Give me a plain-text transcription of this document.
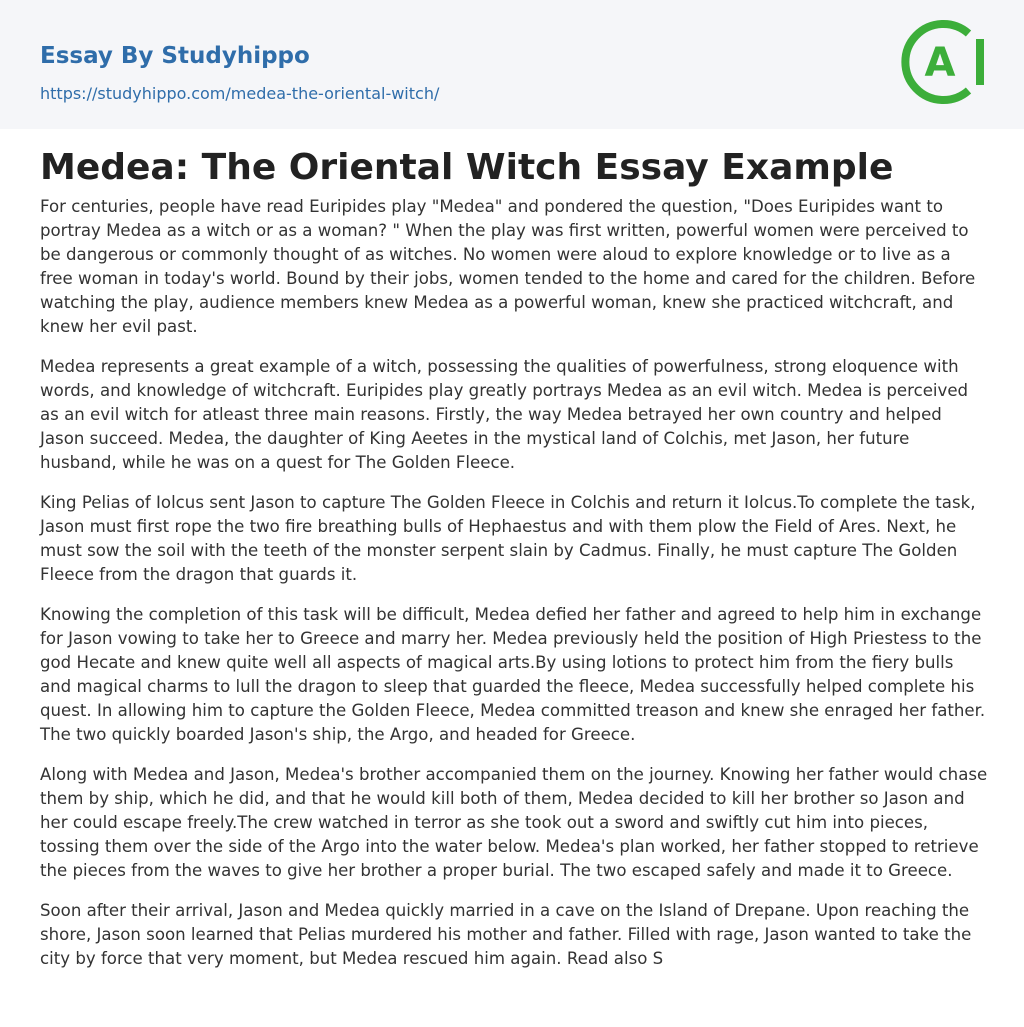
Essay By Studyhippo
https://studyhippo.com/medea-the-oriental-witch/
A
Medea: The Oriental Witch Essay Example

For centuries, people have read Euripides play "Medea" and pondered the question, "Does Euripides want to portray Medea as a witch or as a woman? " When the play was first written, powerful women were perceived to be dangerous or commonly thought of as witches. No women were aloud to explore knowledge or to live as a free woman in today's world. Bound by their jobs, women tended to the home and cared for the children. Before watching the play, audience members knew Medea as a powerful woman, knew she practiced witchcraft, and knew her evil past.

Medea represents a great example of a witch, possessing the qualities of powerfulness, strong eloquence with words, and knowledge of witchcraft. Euripides play greatly portrays Medea as an evil witch. Medea is perceived as an evil witch for atleast three main reasons. Firstly, the way Medea betrayed her own country and helped Jason succeed. Medea, the daughter of King Aeetes in the mystical land of Colchis, met Jason, her future husband, while he was on a quest for The Golden Fleece.

King Pelias of Iolcus sent Jason to capture The Golden Fleece in Colchis and return it Iolcus.To complete the task, Jason must first rope the two fire breathing bulls of Hephaestus and with them plow the Field of Ares. Next, he must sow the soil with the teeth of the monster serpent slain by Cadmus. Finally, he must capture The Golden Fleece from the dragon that guards it.

Knowing the completion of this task will be difficult, Medea defied her father and agreed to help him in exchange for Jason vowing to take her to Greece and marry her. Medea previously held the position of High Priestess to the god Hecate and knew quite well all aspects of magical arts.By using lotions to protect him from the fiery bulls and magical charms to lull the dragon to sleep that guarded the fleece, Medea successfully helped complete his quest. In allowing him to capture the Golden Fleece, Medea committed treason and knew she enraged her father. The two quickly boarded Jason's ship, the Argo, and headed for Greece.

Along with Medea and Jason, Medea's brother accompanied them on the journey. Knowing her father would chase them by ship, which he did, and that he would kill both of them, Medea decided to kill her brother so Jason and her could escape freely.The crew watched in terror as she took out a sword and swiftly cut him into pieces, tossing them over the side of the Argo into the water below. Medea's plan worked, her father stopped to retrieve the pieces from the waves to give her brother a proper burial. The two escaped safely and made it to Greece.

Soon after their arrival, Jason and Medea quickly married in a cave on the Island of Drepane. Upon reaching the shore, Jason soon learned that Pelias murdered his mother and father. Filled with rage, Jason wanted to take the city by force that very moment, but Medea rescued him again. Read also S
